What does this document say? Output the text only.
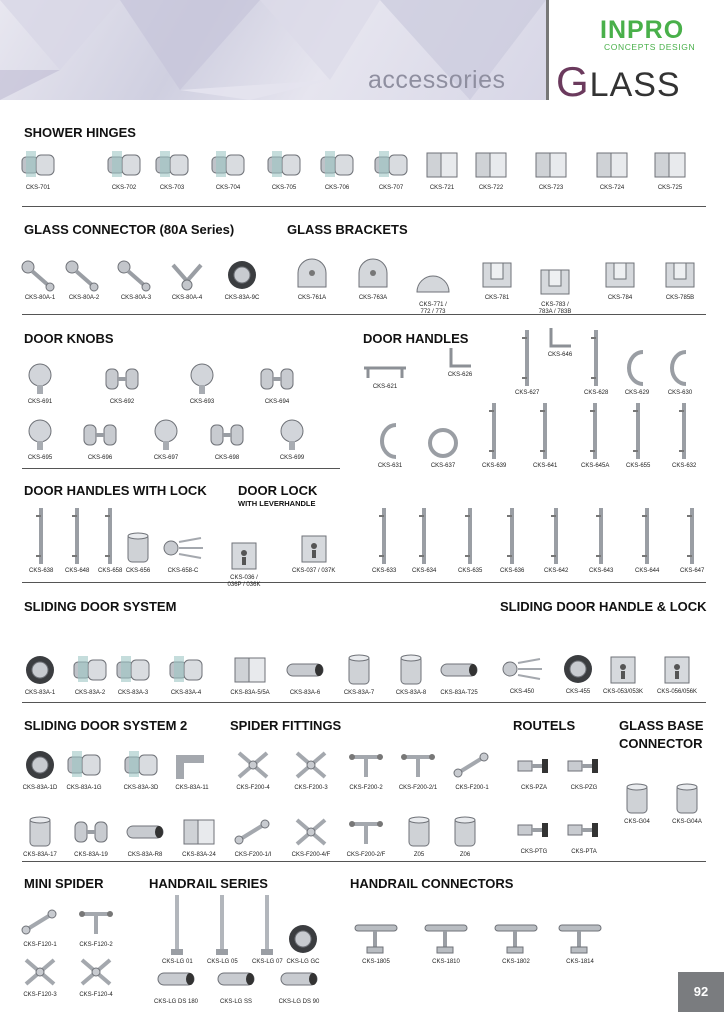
accessories
INPRO
CONCEPTS DESIGN
GLASS
SHOWER HINGES
GLASS CONNECTOR (80A Series)	GLASS BRACKETS
DOOR KNOBS	DOOR HANDLES
DOOR HANDLES WITH LOCK DOOR LOCK
WITH LEVERHANDLE
SLIDING DOOR SYSTEM	SLIDING DOOR HANDLE & LOCK
SLIDING DOOR SYSTEM 2	SPIDER FITTINGS	ROUTELS	GLASS BASE
CONNECTOR
MINI SPIDER	HANDRAIL SERIES	HANDRAIL CONNECTORS
CKS-701	CKS-702	CKS-703	CKS-704	CKS-705	CKS-706	CKS-707	CKS-721	CKS-722	CKS-723	CKS-724	CKS-725
CKS-80A-1	CKS-80A-2	CKS-80A-3	CKS-80A-4	CKS-83A-9C	CKS-761A	CKS-763A
CKS-771 /
772 / 773
CKS-781
CKS-783 /
783A / 783B
CKS-784	CKS-785B
CKS-691	CKS-692	CKS-693	CKS-694
CKS-695	CKS-696	CKS-697	CKS-698	CKS-699
CKS-621
CKS-626
CKS-627
CKS-646
CKS-628	CKS-629	CKS-630
CKS-631	CKS-637	CKS-639	CKS-641	CKS-645A	CKS-655	CKS-632
CKS-638 CKS-648 CKS-658 CKS-656	CKS-658-C
CKS-036 /
036P / 036K
CKS-037 / 037K	CKS-633	CKS-634	CKS-635	CKS-636	CKS-642	CKS-643	CKS-644	CKS-647
CKS-83A-1	CKS-83A-2	CKS-83A-3	CKS-83A-4	CKS-83A-5/5A	CKS-83A-6	CKS-83A-7	CKS-83A-8	CKS-83A-T25	CKS-450	CKS-455	CKS-053/053K CKS-056/056K
CKS-83A-1D	CKS-83A-1G	CKS-83A-3D	CKS-83A-11
CKS-83A-17	CKS-83A-19	CKS-83A-R8	CKS-83A-24
CKS-F200-4	CKS-F200-3	CKS-F200-2	CKS-F200-2/1	CKS-F200-1
CKS-F200-1/I	CKS-F200-4/F	CKS-F200-2/F	Z05	Z06
CKS-PZA	CKS-PZG
CKS-PTG	CKS-PTA
CKS-G04	CKS-G04A
CKS-F120-1	CKS-F120-2
CKS-F120-3	CKS-F120-4
CKS-LG 01 CKS-LG 05 CKS-LG 07 CKS-LG GC
CKS-LG DS 180	CKS-LG SS	CKS-LG DS 90
CKS-1805	CKS-1810	CKS-1802	CKS-1814
92
